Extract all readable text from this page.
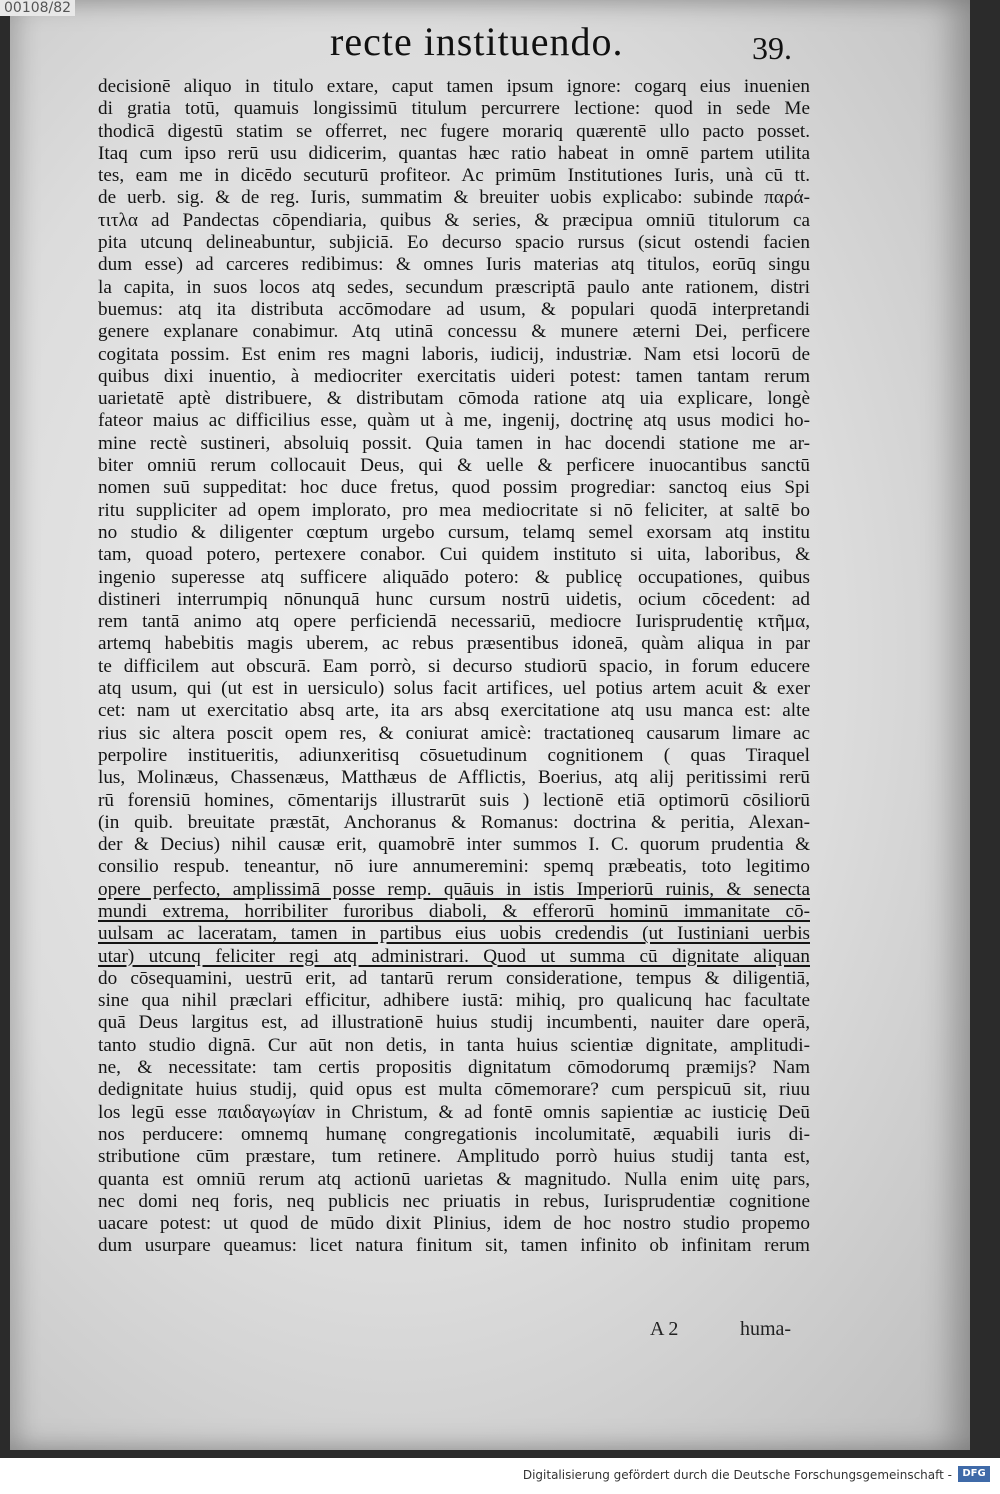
recte instituendo.	39.
decisionē aliquo in titulo extare, caput tamen ipsum ignore: cogarq eius inuenien
di gratia totū, quamuis longissimū titulum percurrere lectione: quod in sede Me
thodicā digestū statim se offerret, nec fugere morariq quærentē ullo pacto posset.
Itaq cum ipso rerū usu didicerim, quantas hæc ratio habeat in omnē partem utilita
tes, eam me in dicēdo secuturū profiteor. Ac primūm Institutiones Iuris, unà cū tt.
de uerb. sig. & de reg. Iuris, summatim & breuiter uobis explicabo: subinde παρά-
τιτλα ad Pandectas cōpendiaria, quibus & series, & præcipua omniū titulorum ca
pita utcunq delineabuntur, subjiciā. Eo decurso spacio rursus (sicut ostendi facien
dum esse) ad carceres redibimus: & omnes Iuris materias atq titulos, eorūq singu
la capita, in suos locos atq sedes, secundum præscriptā paulo ante rationem, distri
buemus: atq ita distributa accōmodare ad usum, & populari quodā interpretandi
genere explanare conabimur. Atq utinā concessu & munere æterni Dei, perficere
cogitata possim. Est enim res magni laboris, iudicij, industriæ. Nam etsi locorū de
quibus dixi inuentio, à mediocriter exercitatis uideri potest: tamen tantam rerum
uarietatē aptè distribuere, & distributam cōmoda ratione atq uia explicare, longè
fateor maius ac difficilius esse, quàm ut à me, ingenij, doctrinę atq usus modici ho-
mine rectè sustineri, absoluiq possit. Quia tamen in hac docendi statione me ar-
biter omniū rerum collocauit Deus, qui & uelle & perficere inuocantibus sanctū
nomen suū suppeditat: hoc duce fretus, quod possim progrediar: sanctoq eius Spi
ritu suppliciter ad opem implorato, pro mea mediocritate si nō feliciter, at saltē bo
no studio & diligenter cœptum urgebo cursum, telamq semel exorsam atq institu
tam, quoad potero, pertexere conabor. Cui quidem instituto si uita, laboribus, &
ingenio superesse atq sufficere aliquādo potero: & publicę occupationes, quibus
distineri interrumpiq nōnunquā hunc cursum nostrū uidetis, ocium cōcedent: ad
rem tantā animo atq opere perficiendā necessariū, mediocre Iurisprudentię κτῆμα,
artemq habebitis magis uberem, ac rebus præsentibus idoneā, quàm aliqua in par
te difficilem aut obscurā. Eam porrò, si decurso studiorū spacio, in forum educere
atq usum, qui (ut est in uersiculo) solus facit artifices, uel potius artem acuit & exer
cet: nam ut exercitatio absq arte, ita ars absq exercitatione atq usu manca est: alte
rius sic altera poscit opem res, & coniurat amicè: tractationeq causarum limare ac
perpolire institueritis, adiunxeritisq cōsuetudinum cognitionem ( quas Tiraquel
lus, Molinæus, Chassenæus, Matthæus de Afflictis, Boerius, atq alij peritissimi rerū
rū forensiū homines, cōmentarijs illustrarūt suis ) lectionē etiā optimorū cōsiliorū
(in quib. breuitate præstāt, Anchoranus & Romanus: doctrina & peritia, Alexan-
der & Decius) nihil causæ erit, quamobrē inter summos I. C. quorum prudentia &
consilio respub. teneantur, nō iure annumeremini: spemq præbeatis, toto legitimo
opere perfecto, amplissimā posse remp. quāuis in istis Imperiorū ruinis, & senecta
mundi extrema, horribiliter furoribus diaboli, & efferorū hominū immanitate cō-
uulsam ac laceratam, tamen in partibus eius uobis credendis (ut Iustiniani uerbis
utar) utcunq feliciter regi atq administrari. Quod ut summa cū dignitate aliquan
do cōsequamini, uestrū erit, ad tantarū rerum consideratione, tempus & diligentiā,
sine qua nihil præclari efficitur, adhibere iustā: mihiq, pro qualicunq hac facultate
quā Deus largitus est, ad illustrationē huius studij incumbenti, nauiter dare operā,
tanto studio dignā. Cur aūt non detis, in tanta huius scientiæ dignitate, amplitudi-
ne, & necessitate: tam certis propositis dignitatum cōmodorumq præmijs? Nam
dedignitate huius studij, quid opus est multa cōmemorare? cum perspicuū sit, riuu
los legū esse παιδαγωγίαν in Christum, & ad fontē omnis sapientiæ ac iusticię Deū
nos perducere: omnemq humanę congregationis incolumitatē, æquabili iuris di-
stributione cūm præstare, tum retinere. Amplitudo porrò huius studij tanta est,
quanta est omniū rerum atq actionū uarietas & magnitudo. Nulla enim uitę pars,
nec domi neq foris, neq publicis nec priuatis in rebus, Iurisprudentiæ cognitione
uacare potest: ut quod de mūdo dixit Plinius, idem de hoc nostro studio propemo
dum usurpare queamus: licet natura finitum sit, tamen infinito ob infinitam rerum
A 2	huma-
00108/82
Digitalisierung gefördert durch die Deutsche Forschungsgemeinschaft -	DFG
